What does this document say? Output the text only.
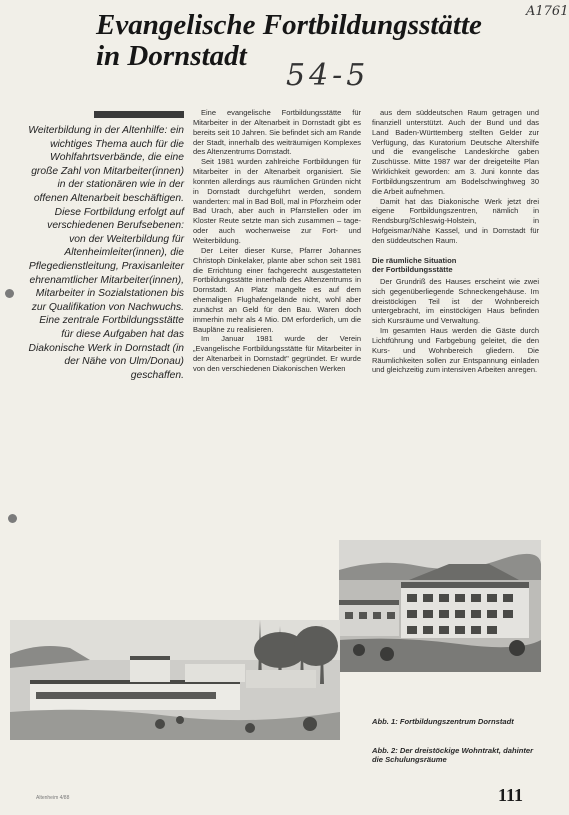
A1761
Evangelische Fortbildungsstätte
in Dornstadt
54-5

Weiterbildung in der Altenhilfe: ein wichtiges Thema auch für die Wohlfahrtsverbände, die eine große Zahl von Mitarbeiter(innen) in der stationären wie in der offenen Altenarbeit beschäftigen. Diese Fortbildung erfolgt auf verschiedenen Berufsebenen: von der Weiterbildung für Altenheimleiter(innen), die Pflegedienstleitung, Praxisanleiter ehrenamtlicher Mitarbeiter(innen), Mitarbeiter in Sozialstationen bis zur Qualifikation von Nachwuchs. Eine zentrale Fortbildungsstätte für diese Aufgaben hat das Diakonische Werk in Dornstadt (in der Nähe von Ulm/Donau) geschaffen.

Eine evangelische Fortbildungsstätte für Mitarbeiter in der Altenarbeit in Dornstadt gibt es bereits seit 10 Jahren. Sie befindet sich am Rande der Stadt, innerhalb des weiträumigen Komplexes des Altenzentrums Dornstadt.

Seit 1981 wurden zahlreiche Fortbildungen für Mitarbeiter in der Altenarbeit organisiert. Sie konnten allerdings aus räumlichen Gründen nicht in Dornstadt durchgeführt werden, sondern wanderten: mal in Bad Boll, mal in Pforzheim oder Bad Urach, aber auch in Pfarrstellen oder im Kloster Reute setzte man sich zusammen – tage- oder auch wochenweise zur Fort- und Weiterbildung.

Der Leiter dieser Kurse, Pfarrer Johannes Christoph Dinkelaker, plante aber schon seit 1981 die Errichtung einer fachgerecht ausgestatteten Fortbildungsstätte innerhalb des Altenzentrums in Dornstadt. An Platz mangelte es auf dem ehemaligen Flughafengelände nicht, wohl aber zunächst an Geld für den Bau. Waren doch immerhin mehr als 4 Mio. DM erforderlich, um die Baupläne zu realisieren.

Im Januar 1981 wurde der Verein „Evangelische Fortbildungsstätte für Mitarbeiter in der Altenarbeit in Dornstadt" gegründet. Er wurde von den verschiedenen Diakonischen Werken

aus dem süddeutschen Raum getragen und finanziell unterstützt. Auch der Bund und das Land Baden-Württemberg stellten Gelder zur Verfügung, das Kuratorium Deutsche Altershilfe und die evangelische Landeskirche gaben Zuschüsse. Mitte 1987 war der dreigeteilte Plan Wirklichkeit geworden: am 3. Juni konnte das Fortbildungszentrum am Bodelschwinghweg 30 die Arbeit aufnehmen.

Damit hat das Diakonische Werk jetzt drei eigene Fortbildungszentren, nämlich in Rendsburg/Schleswig-Holstein, in Hofgeismar/Nähe Kassel, und in Dornstadt für den süddeutschen Raum.

Die räumliche Situation
der Fortbildungsstätte

Der Grundriß des Hauses erscheint wie zwei sich gegenüberliegende Schneckengehäuse. Im dreistöckigen Teil ist der Wohnbereich untergebracht, im einstöckigen Haus befinden sich Kursräume und Verwaltung.

Im gesamten Haus werden die Gäste durch Lichtführung und Farbgebung geleitet, die den Kurs- und Wohnbereich gliedern. Die Räumlichkeiten sollen zur Entspannung einladen und gleichzeitig zum intensiven Arbeiten anregen.

Abb. 1: Fortbildungszentrum Dornstadt

Abb. 2: Der dreistöckige Wohntrakt, dahinter die Schulungsräume

111
Altenheim 4/88
